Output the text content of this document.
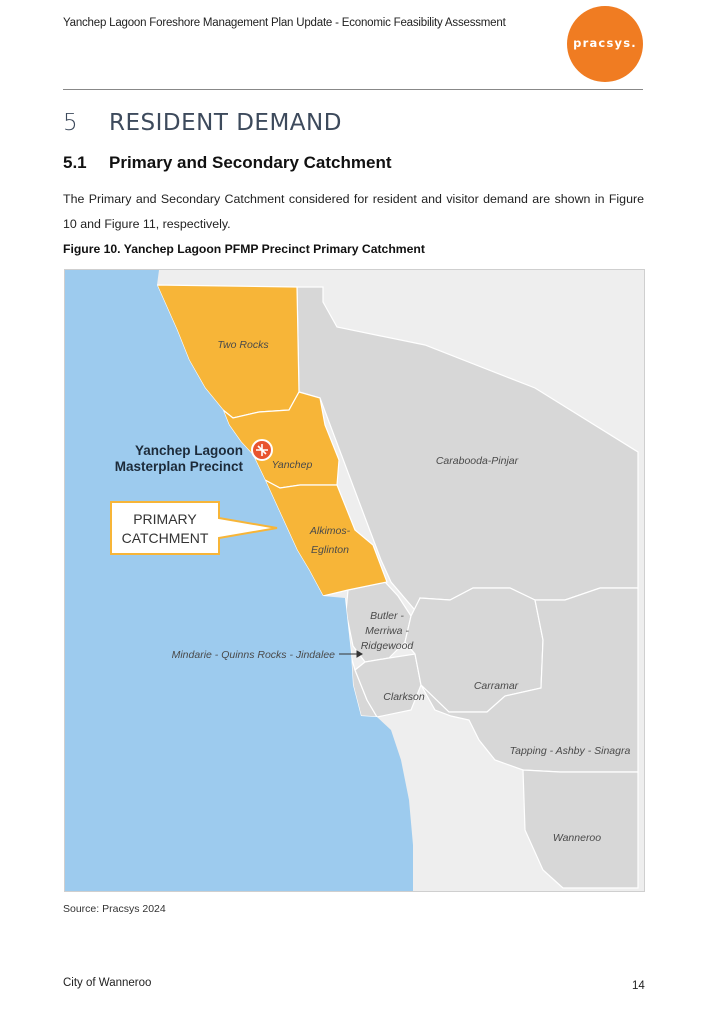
Yanchep Lagoon Foreshore Management Plan Update - Economic Feasibility Assessment
pracsys.
5 RESIDENT DEMAND
5.1 Primary and Secondary Catchment
The Primary and Secondary Catchment considered for resident and visitor demand are shown in Figure 10 and Figure 11, respectively.
Figure 10. Yanchep Lagoon PFMP Precinct Primary Catchment
PRIMARY
CATCHMENT
Yanchep Lagoon
Masterplan Precinct
Two Rocks
Yanchep
Alkimos-
Eglinton
Carabooda-Pinjar
Butler -
Merriwa -
Ridgewood
Mindarie - Quinns Rocks - Jindalee
Clarkson
Carramar
Tapping - Ashby - Sinagra
Wanneroo
Source: Pracsys 2024
City of Wanneroo	14
